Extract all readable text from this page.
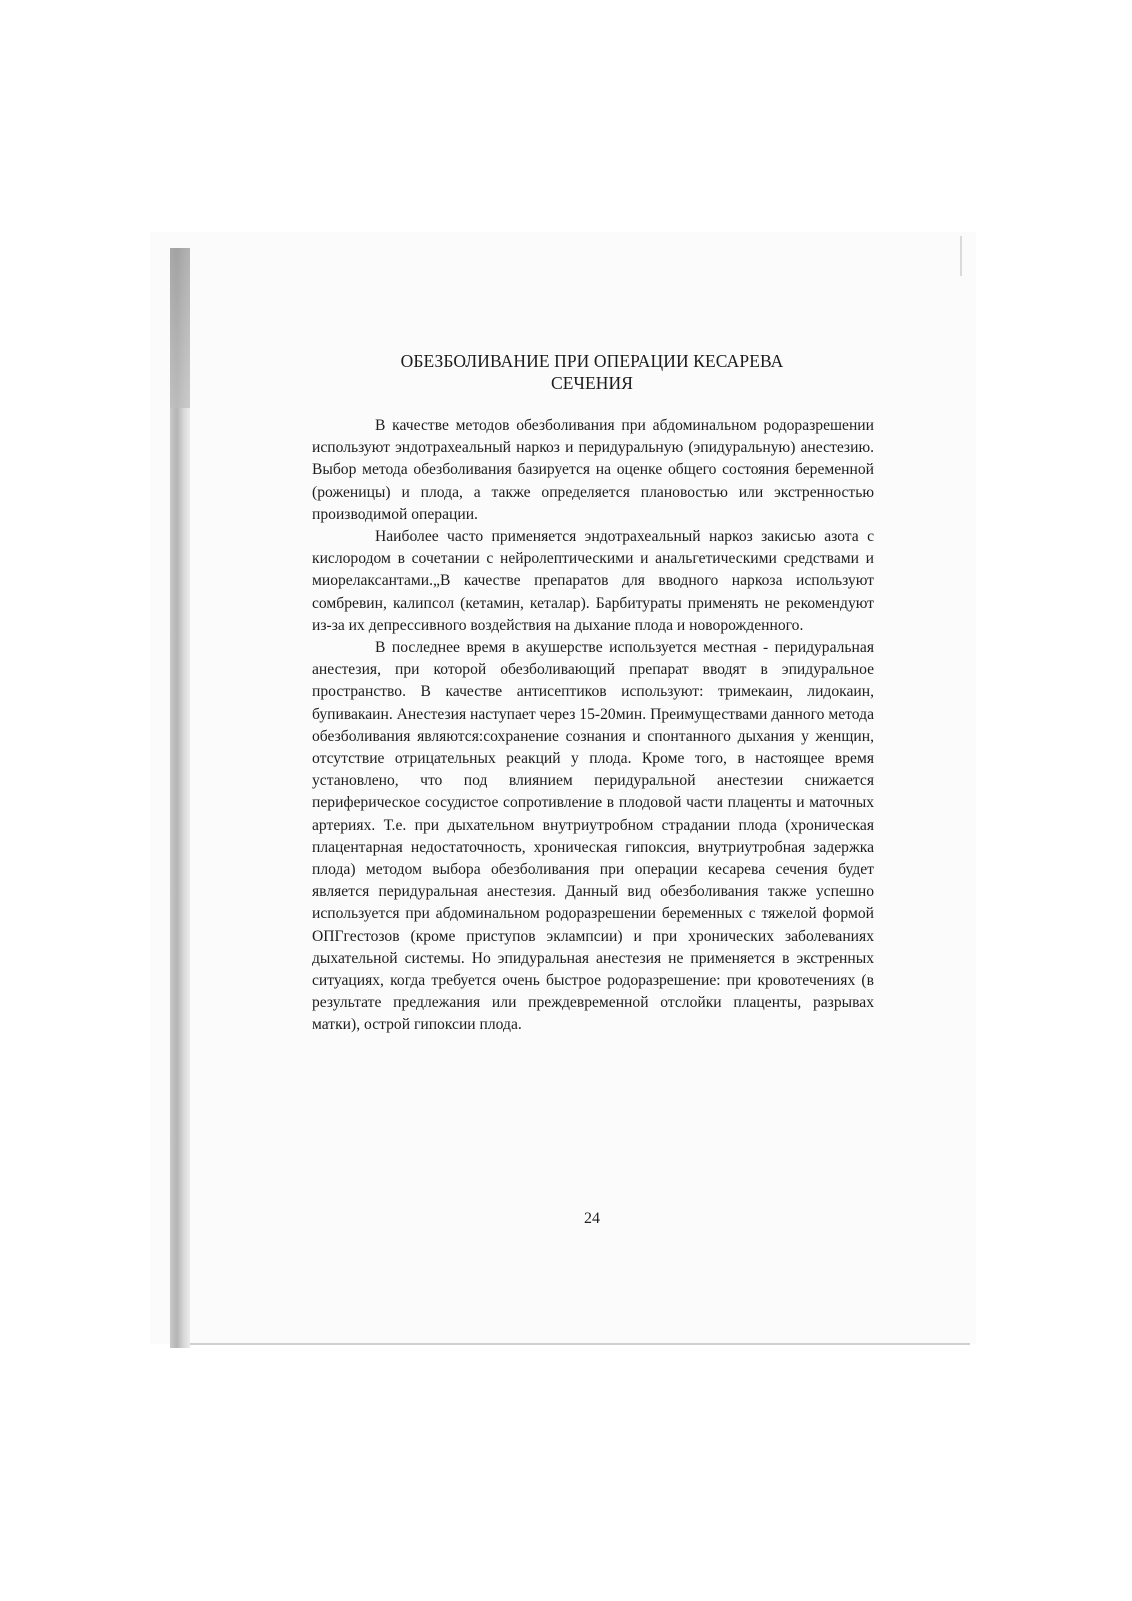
ОБЕЗБОЛИВАНИЕ ПРИ ОПЕРАЦИИ КЕСАРЕВА
СЕЧЕНИЯ

В качестве методов обезболивания при абдоминальном родоразрешении используют эндотрахеальный наркоз и перидуральную (эпидуральную) анестезию. Выбор метода обезболивания базируется на оценке общего состояния беременной (роженицы) и плода, а также определяется плановостью или экстренностью производимой операции.

Наиболее часто применяется эндотрахеальный наркоз закисью азота с кислородом в сочетании с нейролептическими и анальгетическими средствами и миорелаксантами.„В качестве препаратов для вводного наркоза используют сомбревин, калипсол (кетамин, кеталар). Барбитураты применять не рекомендуют из-за их депрессивного воздействия на дыхание плода и новорожденного.

В последнее время в акушерстве используется местная - перидуральная анестезия, при которой обезболивающий препарат вводят в эпидуральное пространство. В качестве антисептиков используют: тримекаин, лидокаин, бупивакаин. Анестезия наступает через 15-20мин. Преимуществами данного метода обезболивания являются:сохранение сознания и спонтанного дыхания у женщин, отсутствие отрицательных реакций у плода. Кроме того, в настоящее время установлено, что под влиянием перидуральной анестезии снижается периферическое сосудистое сопротивление в плодовой части плаценты и маточных артериях. Т.е. при дыхательном внутриутробном страдании плода (хроническая плацентарная недостаточность, хроническая гипоксия, внутриутробная задержка плода) методом выбора обезболивания при операции кесарева сечения будет является перидуральная анестезия. Данный вид обезболивания также успешно используется при абдоминальном родоразрешении беременных с тяжелой формой ОПГгестозов (кроме приступов эклампсии) и при хронических заболеваниях дыхательной системы. Но эпидуральная анестезия не применяется в экстренных ситуациях, когда требуется очень быстрое родоразрешение: при кровотечениях (в результате предлежания или преждевременной отслойки плаценты, разрывах матки), острой гипоксии плода.

24
